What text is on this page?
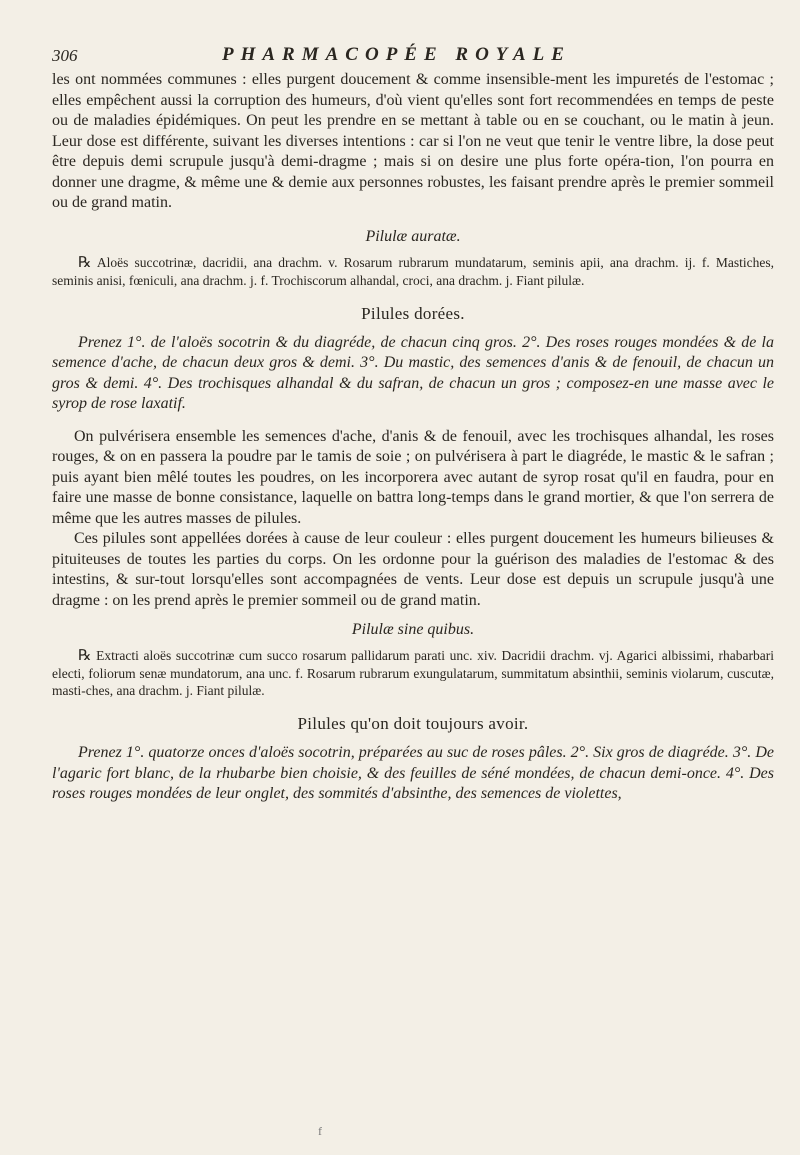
306	PHARMACOPÉE ROYALE

les ont nommées communes : elles purgent doucement & comme insensible-ment les impuretés de l'estomac ; elles empêchent aussi la corruption des humeurs, d'où vient qu'elles sont fort recommendées en temps de peste ou de maladies épidémiques. On peut les prendre en se mettant à table ou en se couchant, ou le matin à jeun. Leur dose est différente, suivant les diverses intentions : car si l'on ne veut que tenir le ventre libre, la dose peut être depuis demi scrupule jusqu'à demi-dragme ; mais si on desire une plus forte opéra-tion, l'on pourra en donner une dragme, & même une & demie aux personnes robustes, les faisant prendre après le premier sommeil ou de grand matin.

Pilulæ auratæ.

℞ Aloës succotrinæ, dacridii, ana drachm. v. Rosarum rubrarum mundatarum, seminis apii, ana drachm. ij. f. Mastiches, seminis anisi, fœniculi, ana drachm. j. f. Trochiscorum alhandal, croci, ana drachm. j. Fiant pilulæ.

Pilules dorées.

Prenez 1°. de l'aloës socotrin & du diagréde, de chacun cinq gros. 2°. Des roses rouges mondées & de la semence d'ache, de chacun deux gros & demi. 3°. Du mastic, des semences d'anis & de fenouil, de chacun un gros & demi. 4°. Des trochisques alhandal & du safran, de chacun un gros ; composez-en une masse avec le syrop de rose laxatif.

On pulvérisera ensemble les semences d'ache, d'anis & de fenouil, avec les trochisques alhandal, les roses rouges, & on en passera la poudre par le tamis de soie ; on pulvérisera à part le diagréde, le mastic & le safran ; puis ayant bien mêlé toutes les poudres, on les incorporera avec autant de syrop rosat qu'il en faudra, pour en faire une masse de bonne consistance, laquelle on battra long-temps dans le grand mortier, & que l'on serrera de même que les autres masses de pilules.

Ces pilules sont appellées dorées à cause de leur couleur : elles purgent doucement les humeurs bilieuses & pituiteuses de toutes les parties du corps. On les ordonne pour la guérison des maladies de l'estomac & des intestins, & sur-tout lorsqu'elles sont accompagnées de vents. Leur dose est depuis un scrupule jusqu'à une dragme : on les prend après le premier sommeil ou de grand matin.

Pilulæ sine quibus.

℞ Extracti aloës succotrinæ cum succo rosarum pallidarum parati unc. xiv. Dacridii drachm. vj. Agarici albissimi, rhabarbari electi, foliorum senæ mundatorum, ana unc. f. Rosarum rubrarum exungulatarum, summitatum absinthii, seminis violarum, cuscutæ, masti-ches, ana drachm. j. Fiant pilulæ.

Pilules qu'on doit toujours avoir.

Prenez 1°. quatorze onces d'aloës socotrin, préparées au suc de roses pâles. 2°. Six gros de diagréde. 3°. De l'agaric fort blanc, de la rhubarbe bien choisie, & des feuilles de séné mondées, de chacun demi-once. 4°. Des roses rouges mondées de leur onglet, des sommités d'absinthe, des semences de violettes,

f
